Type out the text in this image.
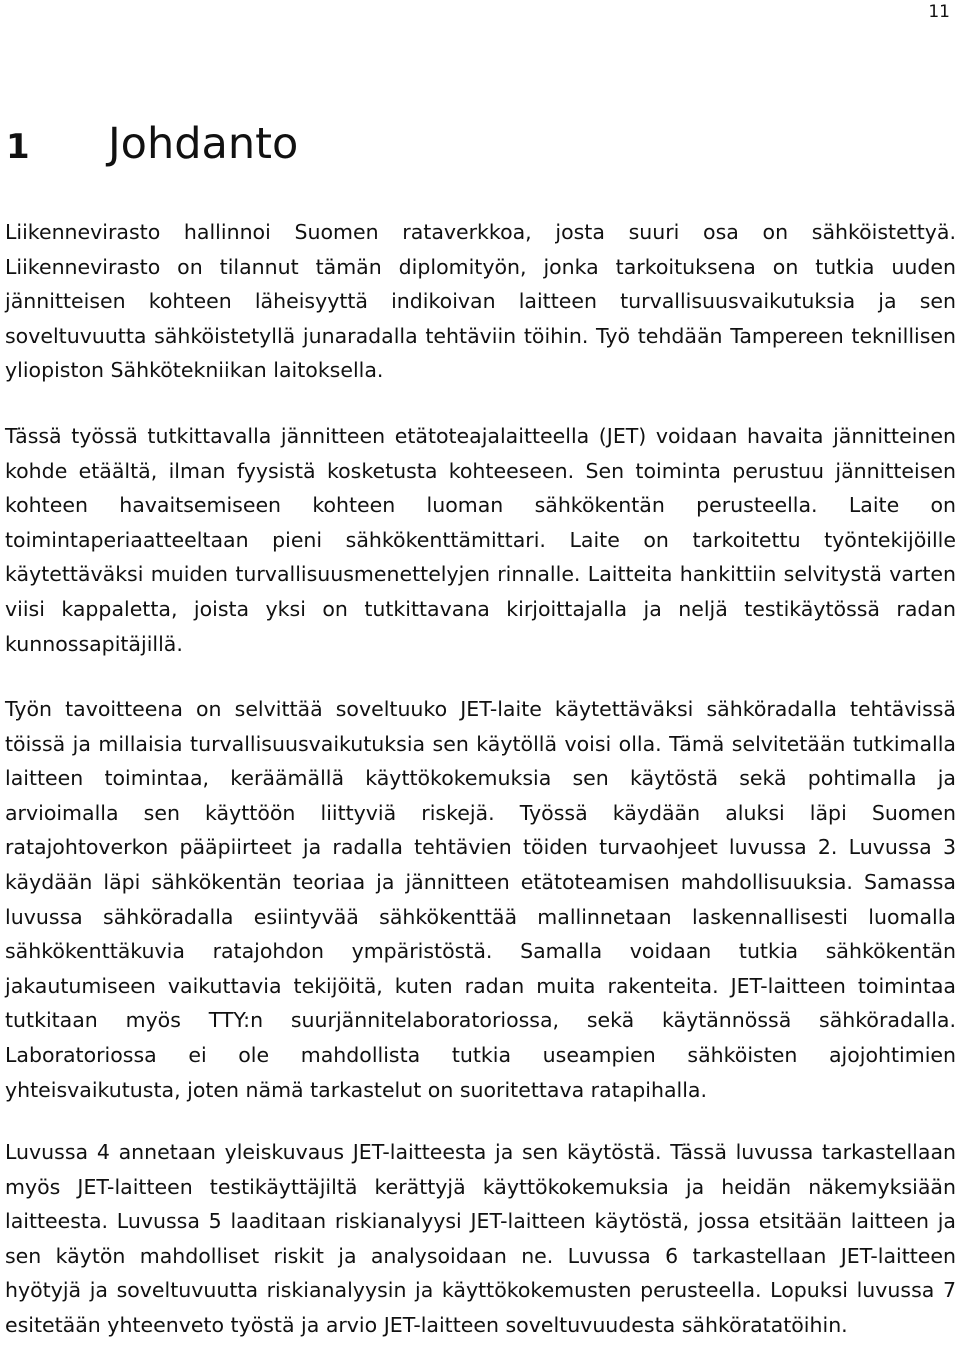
11
1 Johdanto

Liikennevirasto hallinnoi Suomen rataverkkoa, josta suuri osa on sähköistettyä. Liikennevirasto on tilannut tämän diplomityön, jonka tarkoituksena on tutkia uuden jännitteisen kohteen läheisyyttä indikoivan laitteen turvallisuusvaikutuksia ja sen soveltuvuutta sähköistetyllä junaradalla tehtäviin töihin. Työ tehdään Tampereen teknillisen yliopiston Sähkötekniikan laitoksella.

Tässä työssä tutkittavalla jännitteen etätoteajalaitteella (JET) voidaan havaita jännitteinen kohde etäältä, ilman fyysistä kosketusta kohteeseen. Sen toiminta perustuu jännitteisen kohteen havaitsemiseen kohteen luoman sähkökentän perusteella. Laite on toimintaperiaatteeltaan pieni sähkökenttämittari. Laite on tarkoitettu työntekijöille käytettäväksi muiden turvallisuusmenettelyjen rinnalle. Laitteita hankittiin selvitystä varten viisi kappaletta, joista yksi on tutkittavana kirjoittajalla ja neljä testikäytössä radan kunnossapitäjillä.

Työn tavoitteena on selvittää soveltuuko JET-laite käytettäväksi sähköradalla tehtävissä töissä ja millaisia turvallisuusvaikutuksia sen käytöllä voisi olla. Tämä selvitetään tutkimalla laitteen toimintaa, keräämällä käyttökokemuksia sen käytöstä sekä pohtimalla ja arvioimalla sen käyttöön liittyviä riskejä. Työssä käydään aluksi läpi Suomen ratajohtoverkon pääpiirteet ja radalla tehtävien töiden turvaohjeet luvussa 2. Luvussa 3 käydään läpi sähkökentän teoriaa ja jännitteen etätoteamisen mahdollisuuksia. Samassa luvussa sähköradalla esiintyvää sähkökenttää mallinnetaan laskennallisesti luomalla sähkökenttäkuvia ratajohdon ympäristöstä. Samalla voidaan tutkia sähkökentän jakautumiseen vaikuttavia tekijöitä, kuten radan muita rakenteita. JET-laitteen toimintaa tutkitaan myös TTY:n suurjännitelaboratoriossa, sekä käytännössä sähköradalla. Laboratoriossa ei ole mahdollista tutkia useampien sähköisten ajojohtimien yhteisvaikutusta, joten nämä tarkastelut on suoritettava ratapihalla.

Luvussa 4 annetaan yleiskuvaus JET-laitteesta ja sen käytöstä. Tässä luvussa tarkastellaan myös JET-laitteen testikäyttäjiltä kerättyjä käyttökokemuksia ja heidän näkemyksiään laitteesta. Luvussa 5 laaditaan riskianalyysi JET-laitteen käytöstä, jossa etsitään laitteen ja sen käytön mahdolliset riskit ja analysoidaan ne. Luvussa 6 tarkastellaan JET-laitteen hyötyjä ja soveltuvuutta riskianalyysin ja käyttökokemusten perusteella. Lopuksi luvussa 7 esitetään yhteenveto työstä ja arvio JET-laitteen soveltuvuudesta sähköratatöihin.
